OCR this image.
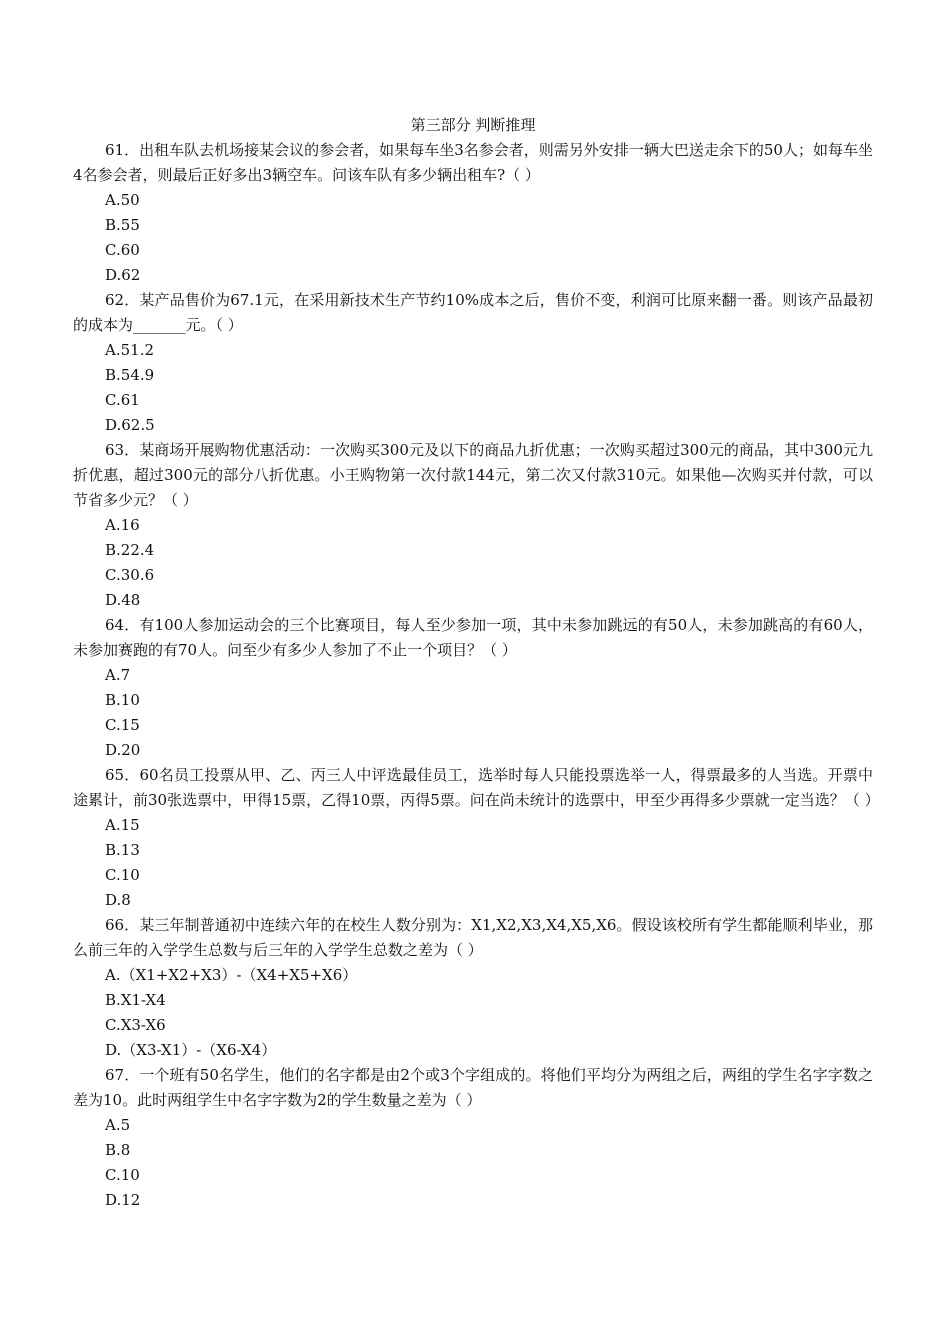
第三部分 判断推理

61．出租车队去机场接某会议的参会者，如果每车坐3名参会者，则需另外安排一辆大巴送走余下的50人；如每车坐4名参会者，则最后正好多出3辆空车。问该车队有多少辆出租车?（ ）

A.50
B.55
C.60
D.62

62．某产品售价为67.1元，在采用新技术生产节约10%成本之后，售价不变，利润可比原来翻一番。则该产品最初的成本为_______元。（ ）

A.51.2
B.54.9
C.61
D.62.5

63．某商场开展购物优惠活动：一次购买300元及以下的商品九折优惠；一次购买超过300元的商品，其中300元九折优惠，超过300元的部分八折优惠。小王购物第一次付款144元，第二次又付款310元。如果他—次购买并付款，可以节省多少元？（ ）

A.16
B.22.4
C.30.6
D.48

64．有100人参加运动会的三个比赛项目，每人至少参加一项，其中未参加跳远的有50人，未参加跳高的有60人，未参加赛跑的有70人。问至少有多少人参加了不止一个项目？（ ）

A.7
B.10
C.15
D.20

65．60名员工投票从甲、乙、丙三人中评选最佳员工，选举时每人只能投票选举一人，得票最多的人当选。开票中途累计，前30张选票中，甲得15票，乙得10票，丙得5票。问在尚未统计的选票中，甲至少再得多少票就一定当选？（ ）

A.15
B.13
C.10
D.8

66．某三年制普通初中连续六年的在校生人数分别为：X1,X2,X3,X4,X5,X6。假设该校所有学生都能顺利毕业，那么前三年的入学学生总数与后三年的入学学生总数之差为（ ）

A.（X1+X2+X3）-（X4+X5+X6）
B.X1-X4
C.X3-X6
D.（X3-X1）-（X6-X4）

67．一个班有50名学生，他们的名字都是由2个或3个字组成的。将他们平均分为两组之后，两组的学生名字字数之差为10。此时两组学生中名字字数为2的学生数量之差为（ ）

A.5
B.8
C.10
D.12
